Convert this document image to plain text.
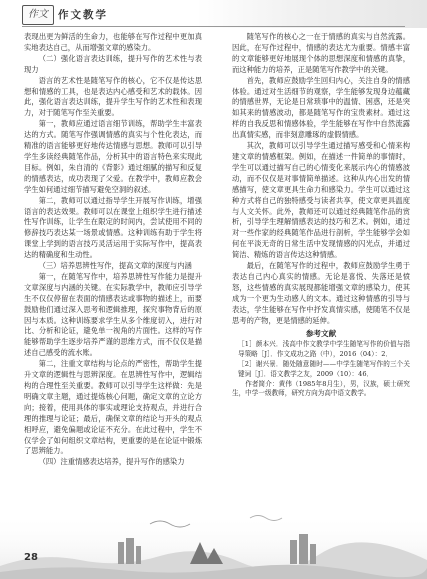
作文 作文教学

表现出更为鲜活的生命力，也能够在写作过程中更加真实地表达自己，从而增强文章的感染力。

（二）强化语言表达训练，提升写作的艺术性与表现力

语言的艺术性是随笔写作的核心，它不仅是传达思想和情感的工具，也是表达内心感受和艺术的载体。因此，强化语言表达训练，提升学生写作的艺术性和表现力，对于随笔写作至关重要。

第一，教师应通过语言细节训练，帮助学生丰富表达的方式。随笔写作强调情感的真实与个性化表达，而精准的语言能够更好地传达情感与思想。教师可以引导学生多读经典随笔作品，分析其中的语言特色来实现此目标。例如，朱自清的《背影》通过细腻的描写和反复的情感表达，成功表现了父爱。在教学中，教师应教会学生如何通过细节描写避免空洞的叙述。

第二，教师可以通过指导学生开展写作训练，增强语言的表达效果。教师可以在课堂上组织学生进行描述性写作训练，让学生在限定的时间内，尝试使用不同的修辞技巧表达某一场景或情感。这种训练有助于学生将课堂上学到的语言技巧灵活运用于实际写作中，提高表达的精确度和生动性。

（三）培养思辨性写作，提高文章的深度与内涵

第一，在随笔写作中，培养思辨性写作能力是提升文章深度与内涵的关键。在实际教学中，教师应引导学生不仅仅停留在表面的情感表达或事物的描述上，而要鼓励他们通过深入思考和逻辑推理，探究事物背后的原因与本质。这种训练要求学生从多个维度切入，进行对比、分析和论证，避免单一视角的片面性。这样的写作能够帮助学生逐步培养严谨的思维方式，而不仅仅是描述自己感受的流水账。

第二，注重文章结构与论点的严密性，帮助学生提升文章的逻辑性与思辨深度。在思辨性写作中，逻辑结构的合理性至关重要。教师可以引导学生这样做：先是明确文章主题，通过提炼核心问题，确定文章的立论方向；接着，使用具体的事实或理论支持观点，并进行合理的推理与论证；最后，确保文章的结论与开头的观点相呼应，避免偏题或论证不充分。在此过程中，学生不仅学会了如何组织文章结构，更重要的是在论证中锻炼了思辨能力。

（四）注重情感表达培养，提升写作的感染力

随笔写作的核心之一在于情感的真实与自然流露。因此，在写作过程中，情感的表达尤为重要。情感丰富的文章能够更好地展现个体的思想深度和情感的真挚，而这种能力的培养，正是随笔写作教学中的关键。

首先，教师应鼓励学生回归内心，关注自身的情感体验。通过对生活细节的观察，学生能够发现身边蕴藏的情感世界，无论是日常琐事中的温情、困惑，还是突如其来的情感波动，都是随笔写作的宝贵素材。通过这样的自我反思和情感体验，学生能够在写作中自然流露出真情实感，而非刻意雕琢的虚假情感。

其次，教师可以引导学生通过描写感受和心情来构建文章的情感框架。例如，在描述一件简单的事情时，学生可以通过描写自己的心情变化来展示内心的情感波动，而不仅仅是对事情简单描述。这种从内心出发的情感描写，使文章更具生命力和感染力。学生可以通过这种方式将自己的独特感受与读者共享，使文章更具温度与人文关怀。此外，教师还可以通过经典随笔作品的赏析，引导学生理解情感表达的技巧和艺术。例如，通过对一些作家的经典随笔作品进行剖析，学生能够学会如何在平淡无奇的日常生活中发现情感的闪光点，并通过简洁、精炼的语言传达这种情感。

最后，在随笔写作的过程中，教师应鼓励学生勇于表达自己内心真实的情感。无论是喜悦、失落还是愤怒，这些情感的真实展现都能增强文章的感染力，使其成为一个更为生动感人的文本。通过这种情感的引导与表达，学生能够在写作中抒发真情实感，使随笔不仅是思考的产物，更是情感的延伸。

参考文献

［1］颜本兴．浅高中作文教学中学生随笔写作的价值与指导策略［J］．作文成功之路（中），2016（04）：2．

［2］谢兴景．随处随意随时——中学生随笔写作的三个关键词［J］．语文教学之友，2009（10）：46．

作者简介：黄伟（1985年8月生），男，汉族，硕士研究生，中学一级教师，研究方向为高中语文教学。

28
